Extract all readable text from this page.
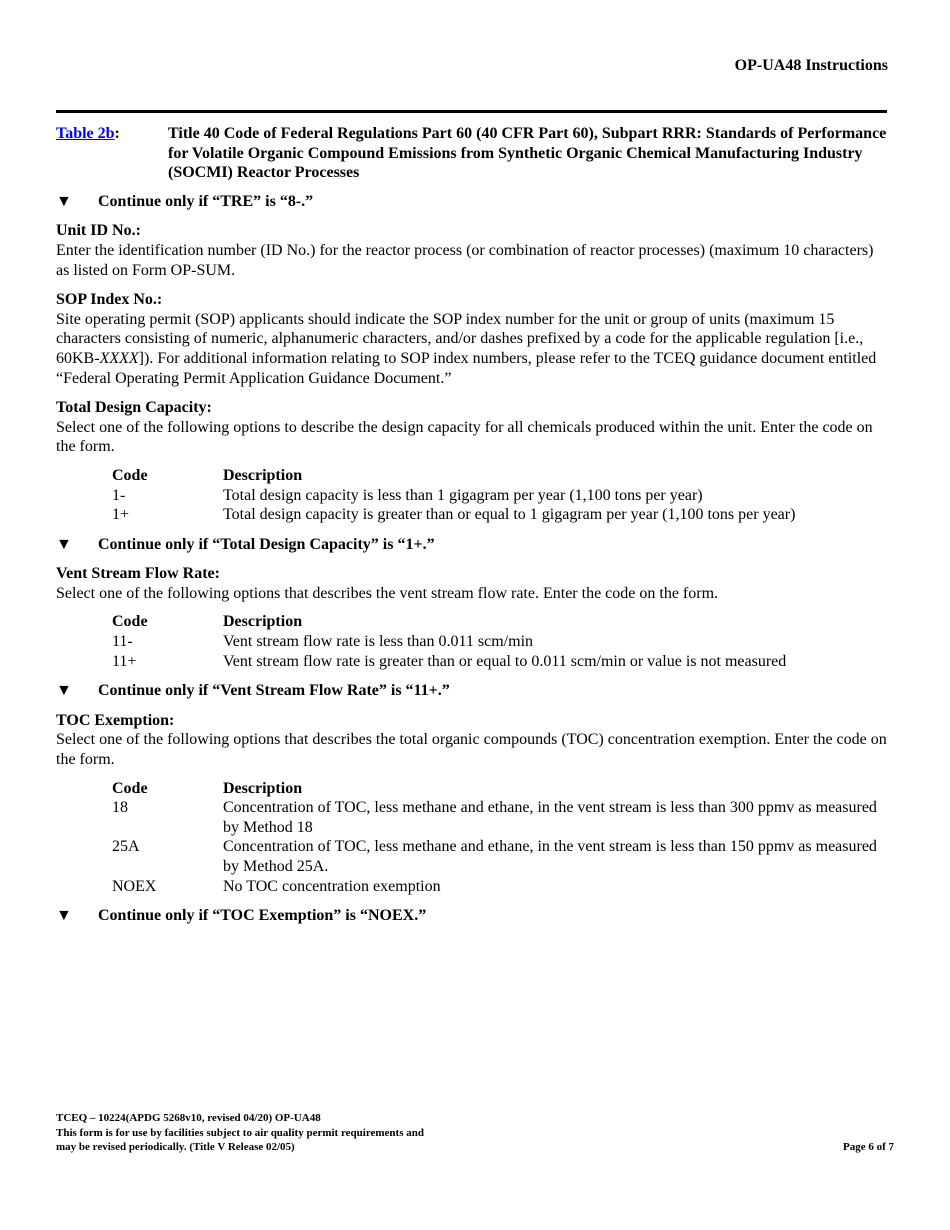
OP-UA48 Instructions
Table 2b:	Title 40 Code of Federal Regulations Part 60 (40 CFR Part 60), Subpart RRR: Standards of Performance for Volatile Organic Compound Emissions from Synthetic Organic Chemical Manufacturing Industry (SOCMI) Reactor Processes
▼	Continue only if “TRE” is “8-.”
Unit ID No.:
Enter the identification number (ID No.) for the reactor process (or combination of reactor processes) (maximum 10 characters) as listed on Form OP-SUM.
SOP Index No.:
Site operating permit (SOP) applicants should indicate the SOP index number for the unit or group of units (maximum 15 characters consisting of numeric, alphanumeric characters, and/or dashes prefixed by a code for the applicable regulation [i.e., 60KB-XXXX]). For additional information relating to SOP index numbers, please refer to the TCEQ guidance document entitled “Federal Operating Permit Application Guidance Document.”
Total Design Capacity:
Select one of the following options to describe the design capacity for all chemicals produced within the unit. Enter the code on the form.
Code	Description
1-	Total design capacity is less than 1 gigagram per year (1,100 tons per year)
1+	Total design capacity is greater than or equal to 1 gigagram per year (1,100 tons per year)
▼	Continue only if “Total Design Capacity” is “1+.”
Vent Stream Flow Rate:
Select one of the following options that describes the vent stream flow rate. Enter the code on the form.
Code	Description
11-	Vent stream flow rate is less than 0.011 scm/min
11+	Vent stream flow rate is greater than or equal to 0.011 scm/min or value is not measured
▼	Continue only if “Vent Stream Flow Rate” is “11+.”
TOC Exemption:
Select one of the following options that describes the total organic compounds (TOC) concentration exemption. Enter the code on the form.
Code	Description
18	Concentration of TOC, less methane and ethane, in the vent stream is less than 300 ppmv as measured by Method 18
25A	Concentration of TOC, less methane and ethane, in the vent stream is less than 150 ppmv as measured by Method 25A.
NOEX	No TOC concentration exemption
▼	Continue only if “TOC Exemption” is “NOEX.”
TCEQ – 10224(APDG 5268v10, revised 04/20) OP-UA48
This form is for use by facilities subject to air quality permit requirements and
may be revised periodically. (Title V Release 02/05)	Page 6 of 7
